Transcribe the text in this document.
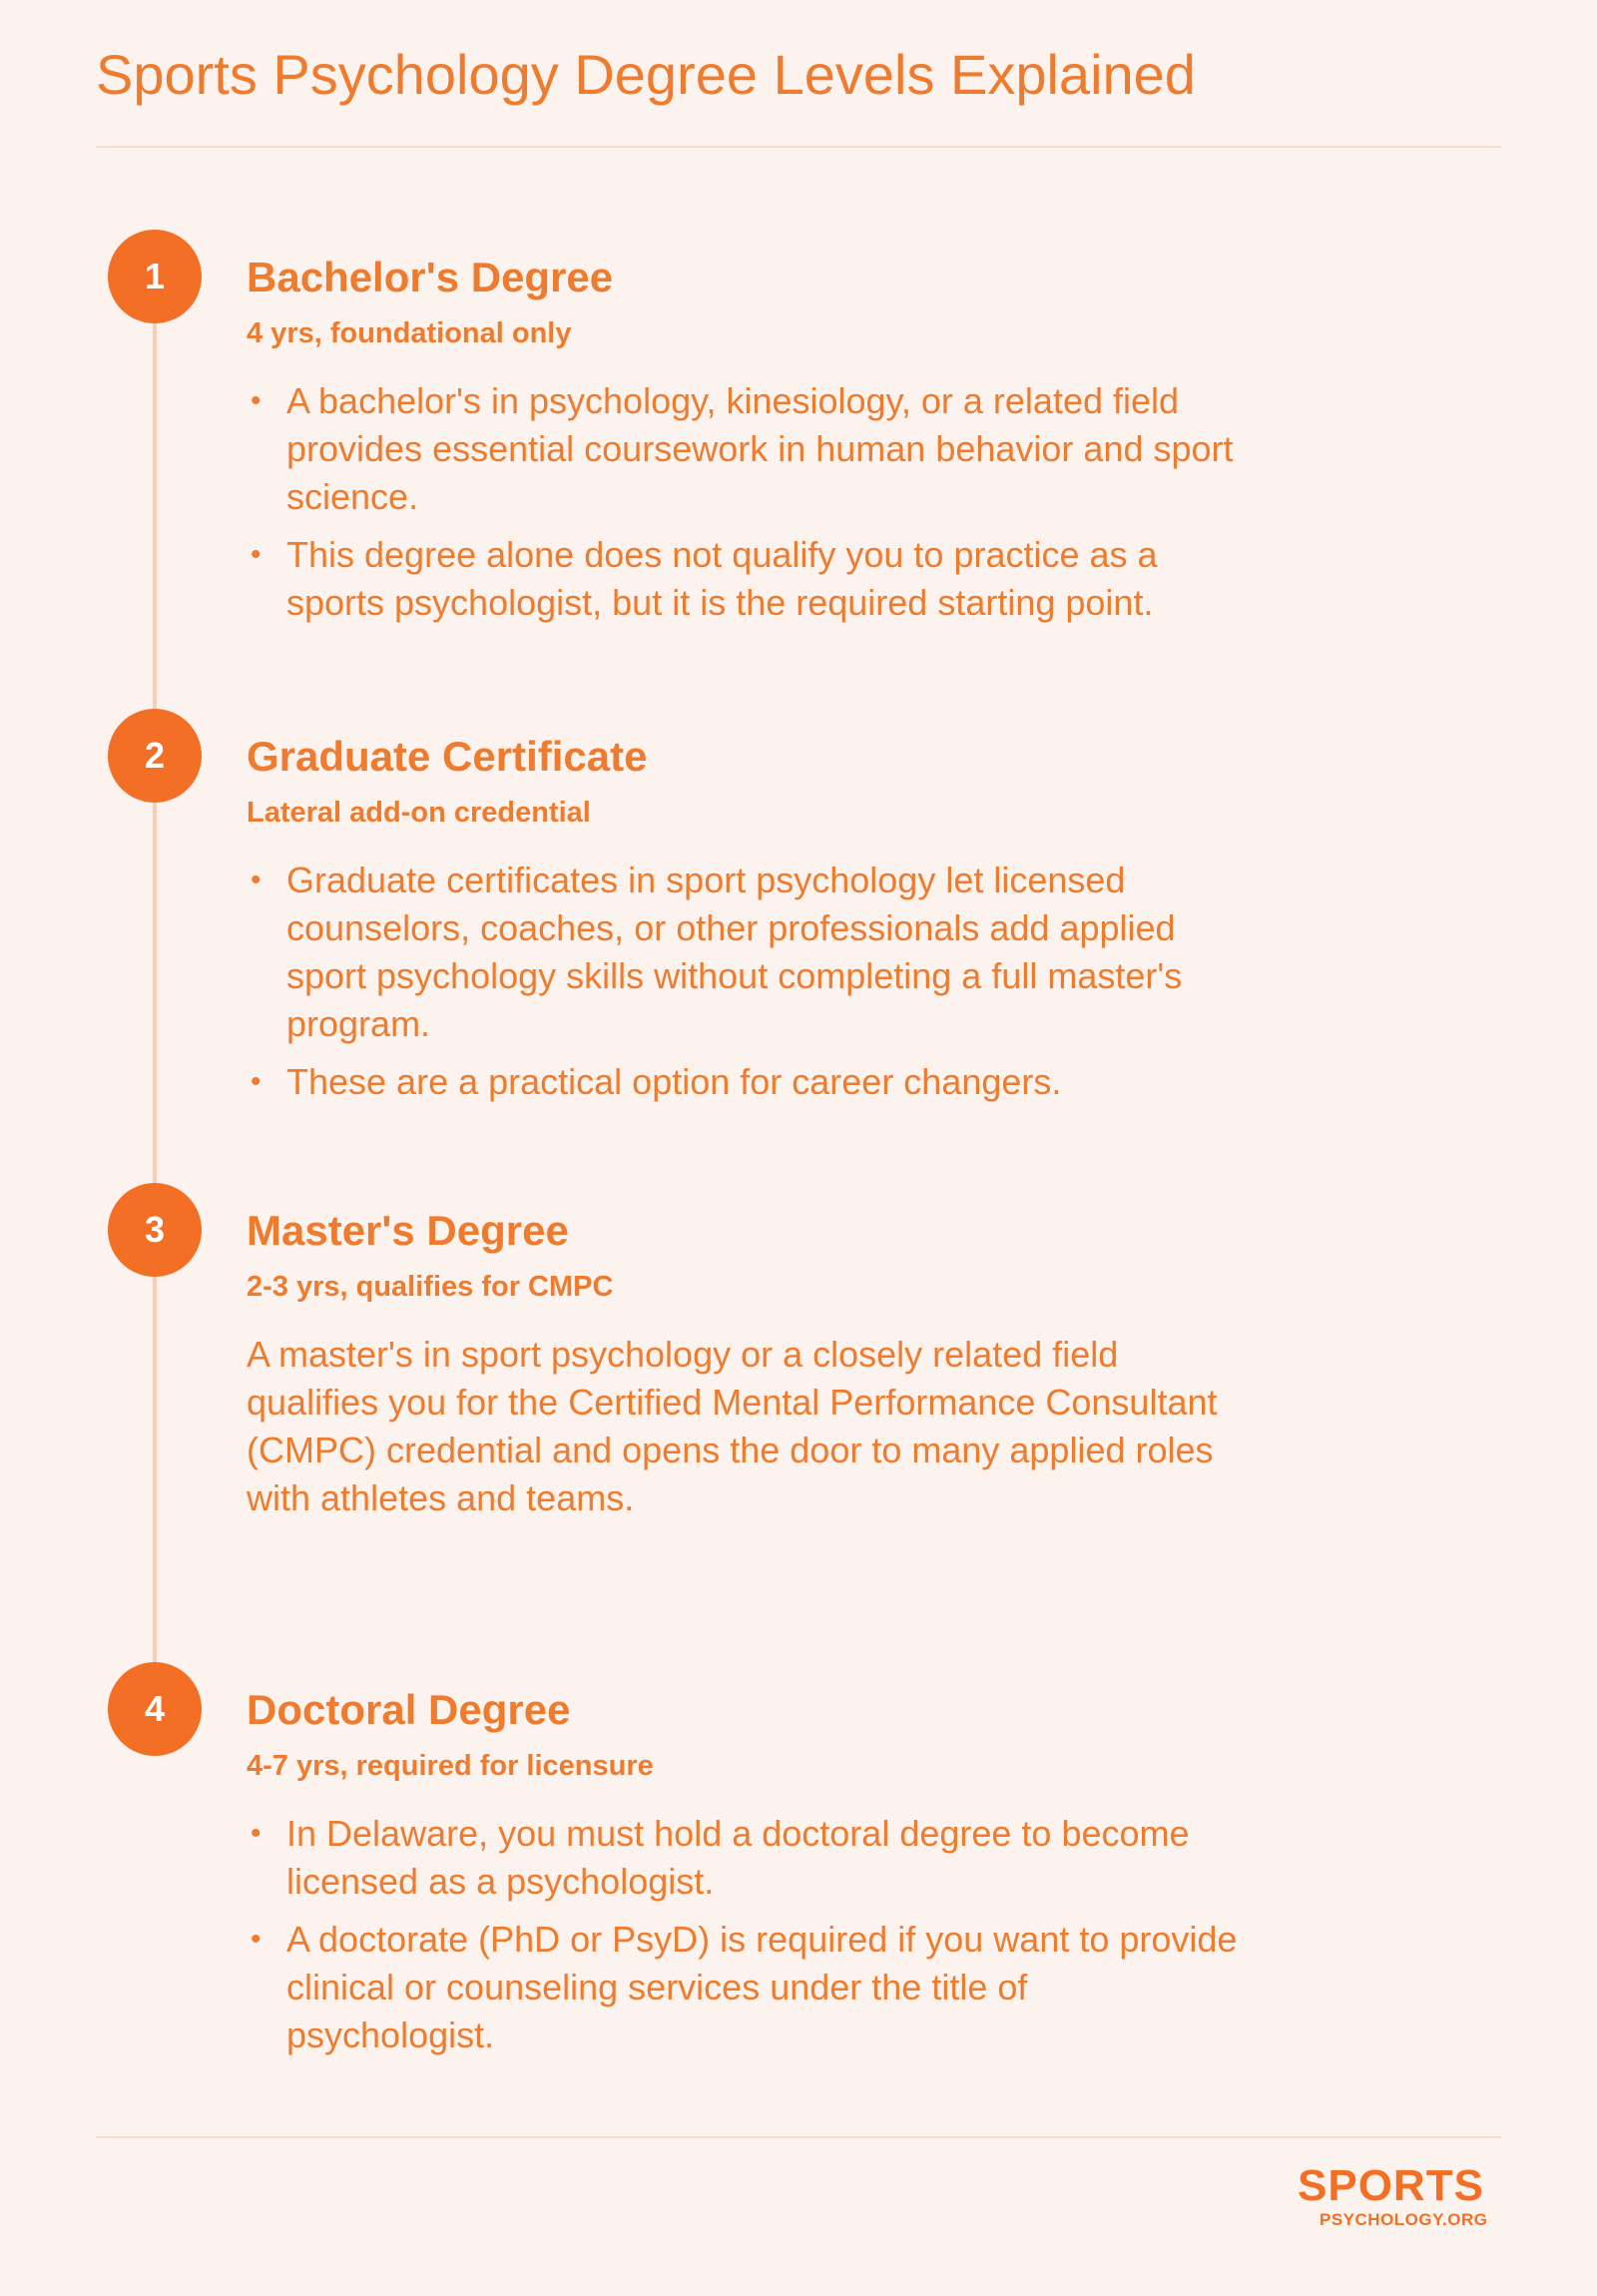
Sports Psychology Degree Levels Explained
1	Bachelor's Degree
4 yrs, foundational only
• A bachelor's in psychology, kinesiology, or a related field provides essential coursework in human behavior and sport science.
• This degree alone does not qualify you to practice as a sports psychologist, but it is the required starting point.
2	Graduate Certificate
Lateral add-on credential
• Graduate certificates in sport psychology let licensed counselors, coaches, or other professionals add applied sport psychology skills without completing a full master's program.
• These are a practical option for career changers.
3	Master's Degree
2-3 yrs, qualifies for CMPC

A master's in sport psychology or a closely related field qualifies you for the Certified Mental Performance Consultant (CMPC) credential and opens the door to many applied roles with athletes and teams.

4	Doctoral Degree
4-7 yrs, required for licensure
• In Delaware, you must hold a doctoral degree to become licensed as a psychologist.
• A doctorate (PhD or PsyD) is required if you want to provide clinical or counseling services under the title of psychologist.
SPORTS
PSYCHOLOGY.ORG
